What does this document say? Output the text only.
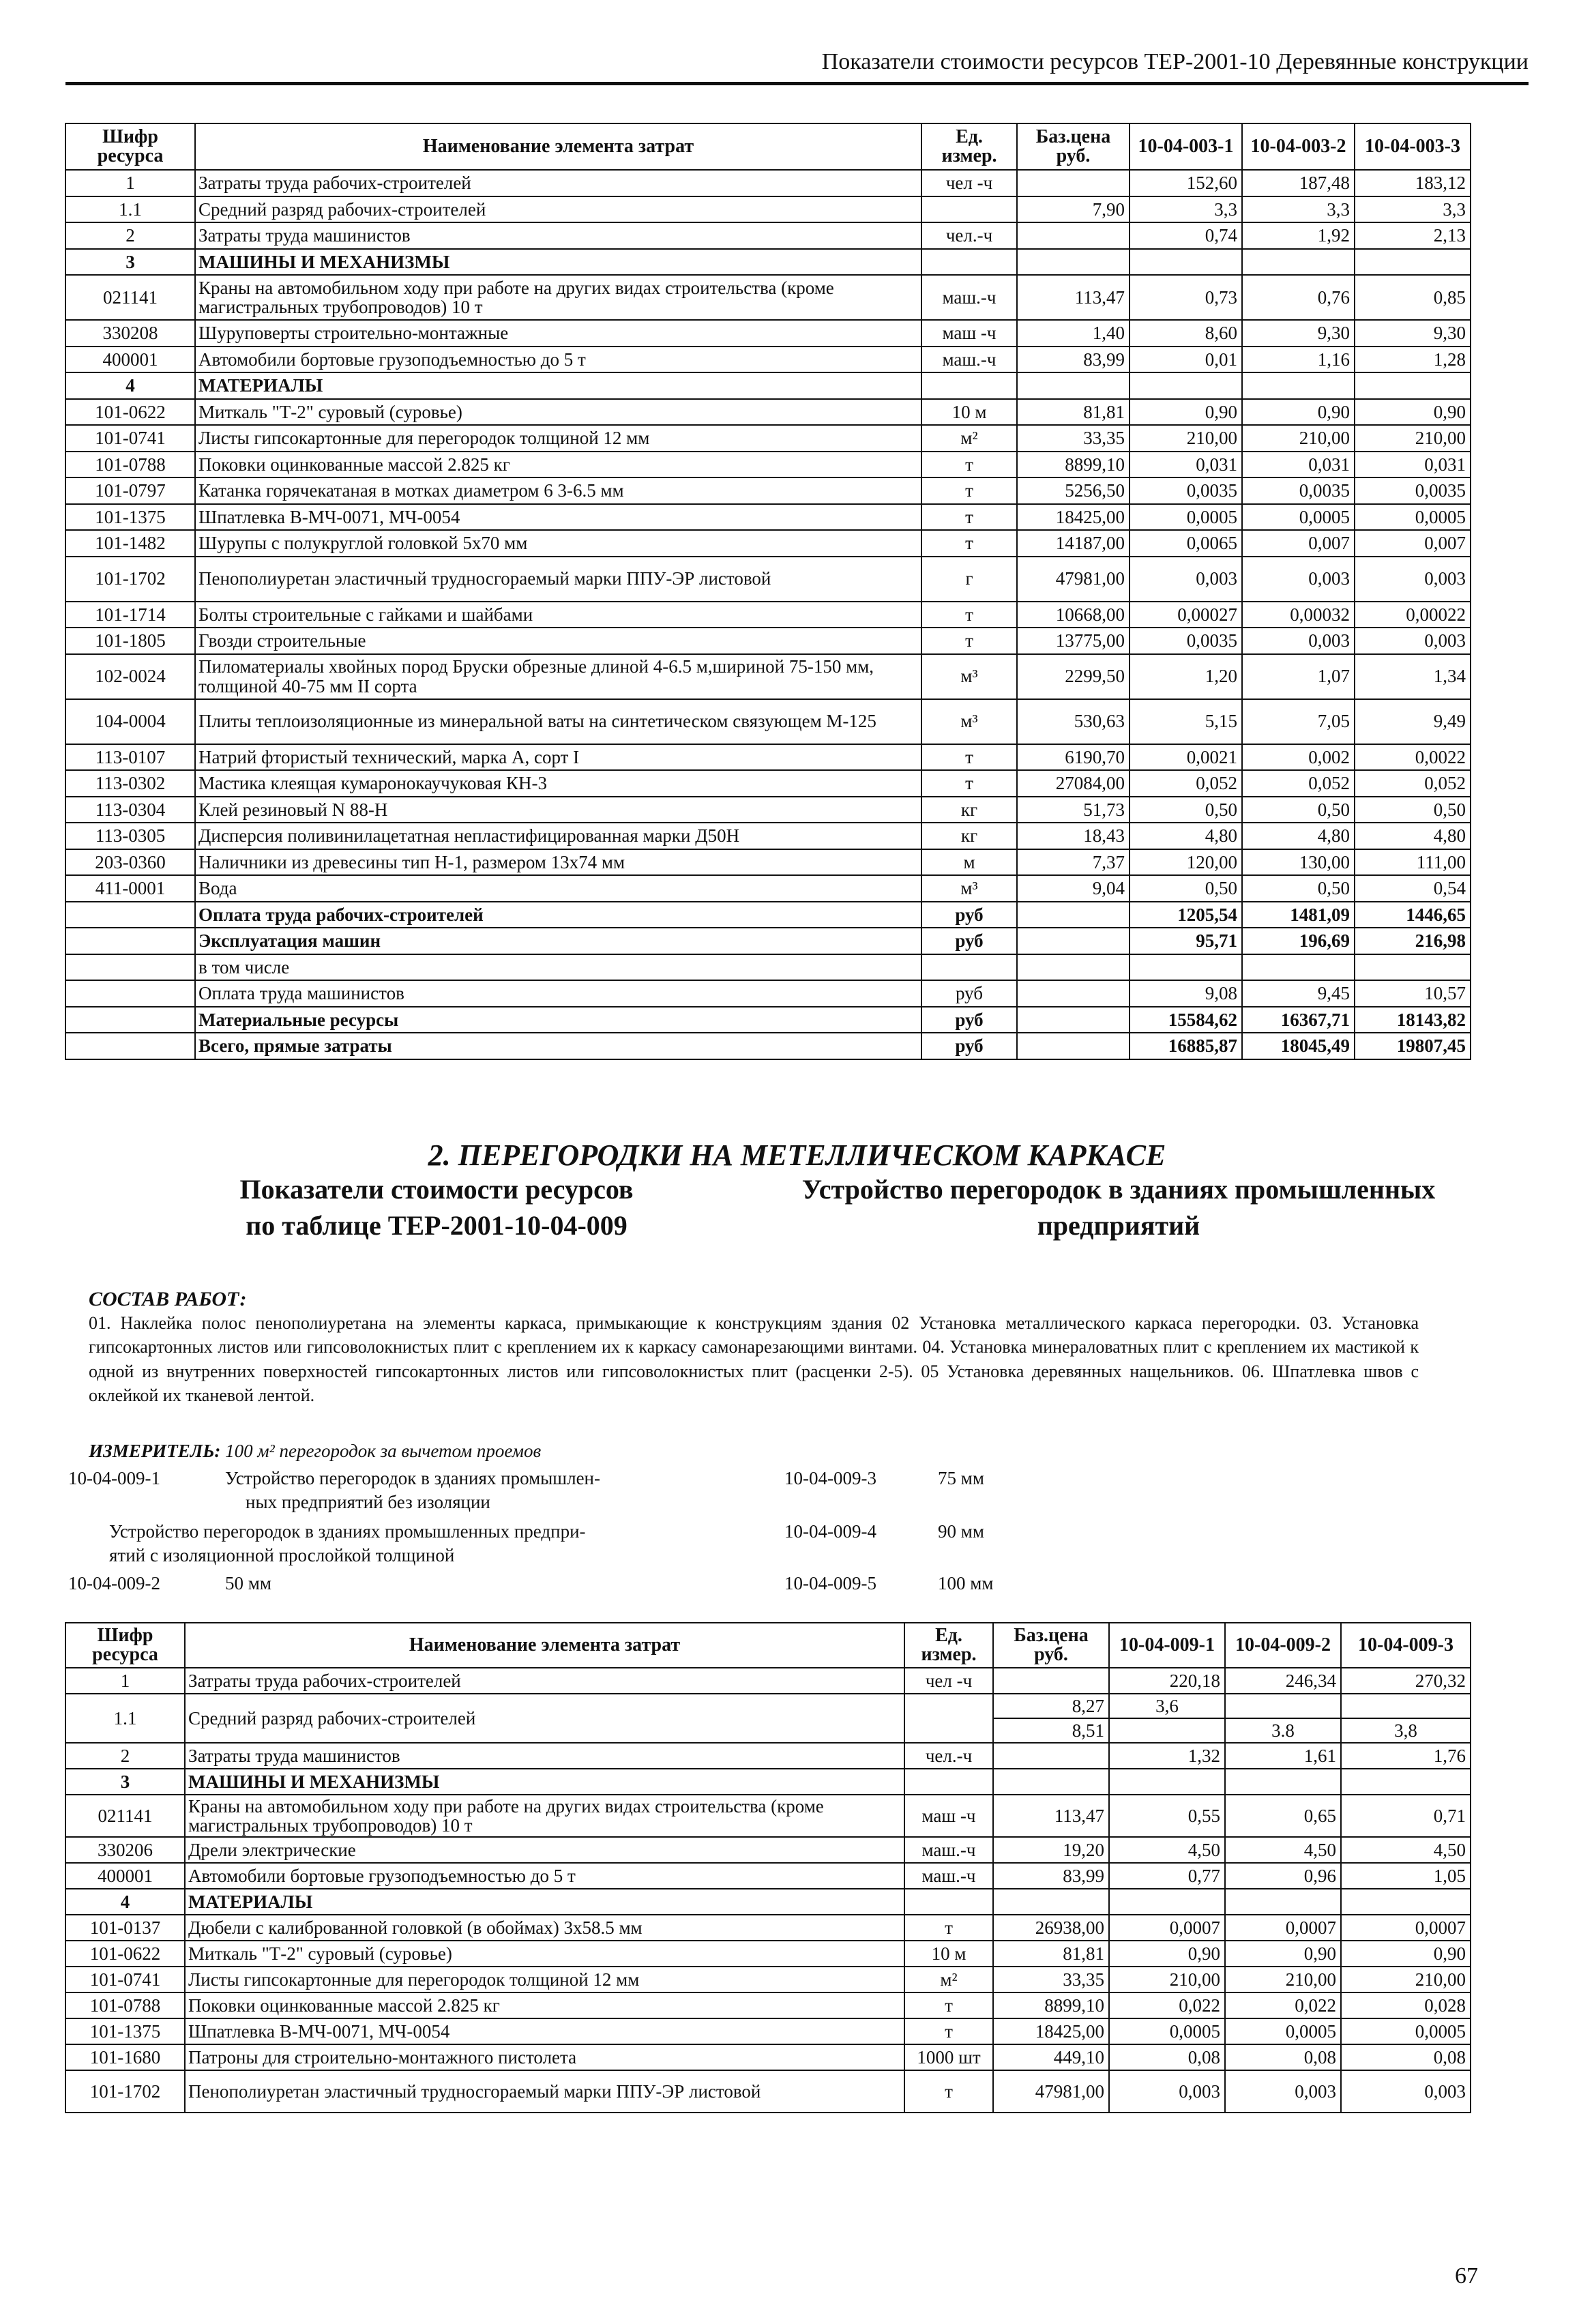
Показатели стоимости ресурсов ТЕР-2001-10 Деревянные конструкции
Шифр ресурса	Наименование элемента затрат	Ед. измер.	Баз.цена руб.	10-04-003-1	10-04-003-2	10-04-003-3
1	Затраты труда рабочих-строителей	чел -ч		152,60	187,48	183,12
1.1	Средний разряд рабочих-строителей		7,90	3,3	3,3	3,3
2	Затраты труда машинистов	чел.-ч		0,74	1,92	2,13
3	МАШИНЫ И МЕХАНИЗМЫ					
021141	Краны на автомобильном ходу при работе на других видах строительства (кроме магистральных трубопроводов) 10 т	маш.-ч	113,47	0,73	0,76	0,85
330208	Шуруповерты строительно-монтажные	маш -ч	1,40	8,60	9,30	9,30
400001	Автомобили бортовые грузоподъемностью до 5 т	маш.-ч	83,99	0,01	1,16	1,28
4	МАТЕРИАЛЫ					
101-0622	Миткаль "Т-2" суровый (суровье)	10 м	81,81	0,90	0,90	0,90
101-0741	Листы гипсокартонные для перегородок толщиной 12 мм	м²	33,35	210,00	210,00	210,00
101-0788	Поковки оцинкованные массой 2.825 кг	т	8899,10	0,031	0,031	0,031
101-0797	Катанка горячекатаная в мотках диаметром 6 3-6.5 мм	т	5256,50	0,0035	0,0035	0,0035
101-1375	Шпатлевка В-МЧ-0071, МЧ-0054	т	18425,00	0,0005	0,0005	0,0005
101-1482	Шурупы с полукруглой головкой 5х70 мм	т	14187,00	0,0065	0,007	0,007
101-1702	Пенополиуретан эластичный трудносгораемый марки ППУ-ЭР листовой	г	47981,00	0,003	0,003	0,003
101-1714	Болты строительные с гайками и шайбами	т	10668,00	0,00027	0,00032	0,00022
101-1805	Гвозди строительные	т	13775,00	0,0035	0,003	0,003
102-0024	Пиломатериалы хвойных пород Бруски обрезные длиной 4-6.5 м,шириной 75-150 мм, толщиной 40-75 мм II сорта	м³	2299,50	1,20	1,07	1,34
104-0004	Плиты теплоизоляционные из минеральной ваты на синтетическом связующем М-125	м³	530,63	5,15	7,05	9,49
113-0107	Натрий фтористый технический, марка А, сорт I	т	6190,70	0,0021	0,002	0,0022
113-0302	Мастика клеящая кумаронокаучуковая КН-3	т	27084,00	0,052	0,052	0,052
113-0304	Клей резиновый N 88-Н	кг	51,73	0,50	0,50	0,50
113-0305	Дисперсия поливинилацетатная непластифицированная марки Д50Н	кг	18,43	4,80	4,80	4,80
203-0360	Наличники из древесины тип Н-1, размером 13х74 мм	м	7,37	120,00	130,00	111,00
411-0001	Вода	м³	9,04	0,50	0,50	0,54
	Оплата труда рабочих-строителей	руб		1205,54	1481,09	1446,65
	Эксплуатация машин	руб		95,71	196,69	216,98
	в том числе					
	Оплата труда машинистов	руб		9,08	9,45	10,57
	Материальные ресурсы	руб		15584,62	16367,71	18143,82
	Всего, прямые затраты	руб		16885,87	18045,49	19807,45
2. ПЕРЕГОРОДКИ НА МЕТЕЛЛИЧЕСКОМ КАРКАСЕ
Показатели стоимости ресурсов
по таблице ТЕР-2001-10-04-009
Устройство перегородок в зданиях промышленных
предприятий
СОСТАВ РАБОТ:
01. Наклейка полос пенополиуретана на элементы каркаса, примыкающие к конструкциям здания 02 Установка металлического каркаса перегородки. 03. Установка гипсокартонных листов или гипсоволокнистых плит с креплением их к каркасу самонарезающими винтами. 04. Установка минераловатных плит с креплением их мастикой к одной из внутренних поверхностей гипсокартонных листов или гипсоволокнистых плит (расценки 2-5). 05 Установка деревянных нащельников. 06. Шпатлевка швов с оклейкой их тканевой лентой.
ИЗМЕРИТЕЛЬ: 100 м² перегородок за вычетом проемов
10-04-009-1	Устройство перегородок в зданиях промышлен-
ных предприятий без изоляции
Устройство перегородок в зданиях промышленных предпри-
ятий с изоляционной прослойкой толщиной
10-04-009-2	50 мм
10-04-009-3	75 мм
10-04-009-4	90 мм
10-04-009-5	100 мм
Шифр ресурса	Наименование элемента затрат	Ед. измер.	Баз.цена руб.	10-04-009-1	10-04-009-2	10-04-009-3
1	Затраты труда рабочих-строителей	чел -ч		220,18	246,34	270,32
1.1	Средний разряд рабочих-строителей		8,27	3,6		
			8,51		3.8	3,8
2	Затраты труда машинистов	чел.-ч		1,32	1,61	1,76
3	МАШИНЫ И МЕХАНИЗМЫ					
021141	Краны на автомобильном ходу при работе на других видах строительства (кроме магистральных трубопроводов) 10 т	маш -ч	113,47	0,55	0,65	0,71
330206	Дрели электрические	маш.-ч	19,20	4,50	4,50	4,50
400001	Автомобили бортовые грузоподъемностью до 5 т	маш.-ч	83,99	0,77	0,96	1,05
4	МАТЕРИАЛЫ					
101-0137	Дюбели с калиброванной головкой (в обоймах) 3х58.5 мм	т	26938,00	0,0007	0,0007	0,0007
101-0622	Миткаль "Т-2" суровый (суровье)	10 м	81,81	0,90	0,90	0,90
101-0741	Листы гипсокартонные для перегородок толщиной 12 мм	м²	33,35	210,00	210,00	210,00
101-0788	Поковки оцинкованные массой 2.825 кг	т	8899,10	0,022	0,022	0,028
101-1375	Шпатлевка В-МЧ-0071, МЧ-0054	т	18425,00	0,0005	0,0005	0,0005
101-1680	Патроны для строительно-монтажного пистолета	1000 шт	449,10	0,08	0,08	0,08
101-1702	Пенополиуретан эластичный трудносгораемый марки ППУ-ЭР листовой	т	47981,00	0,003	0,003	0,003
67
